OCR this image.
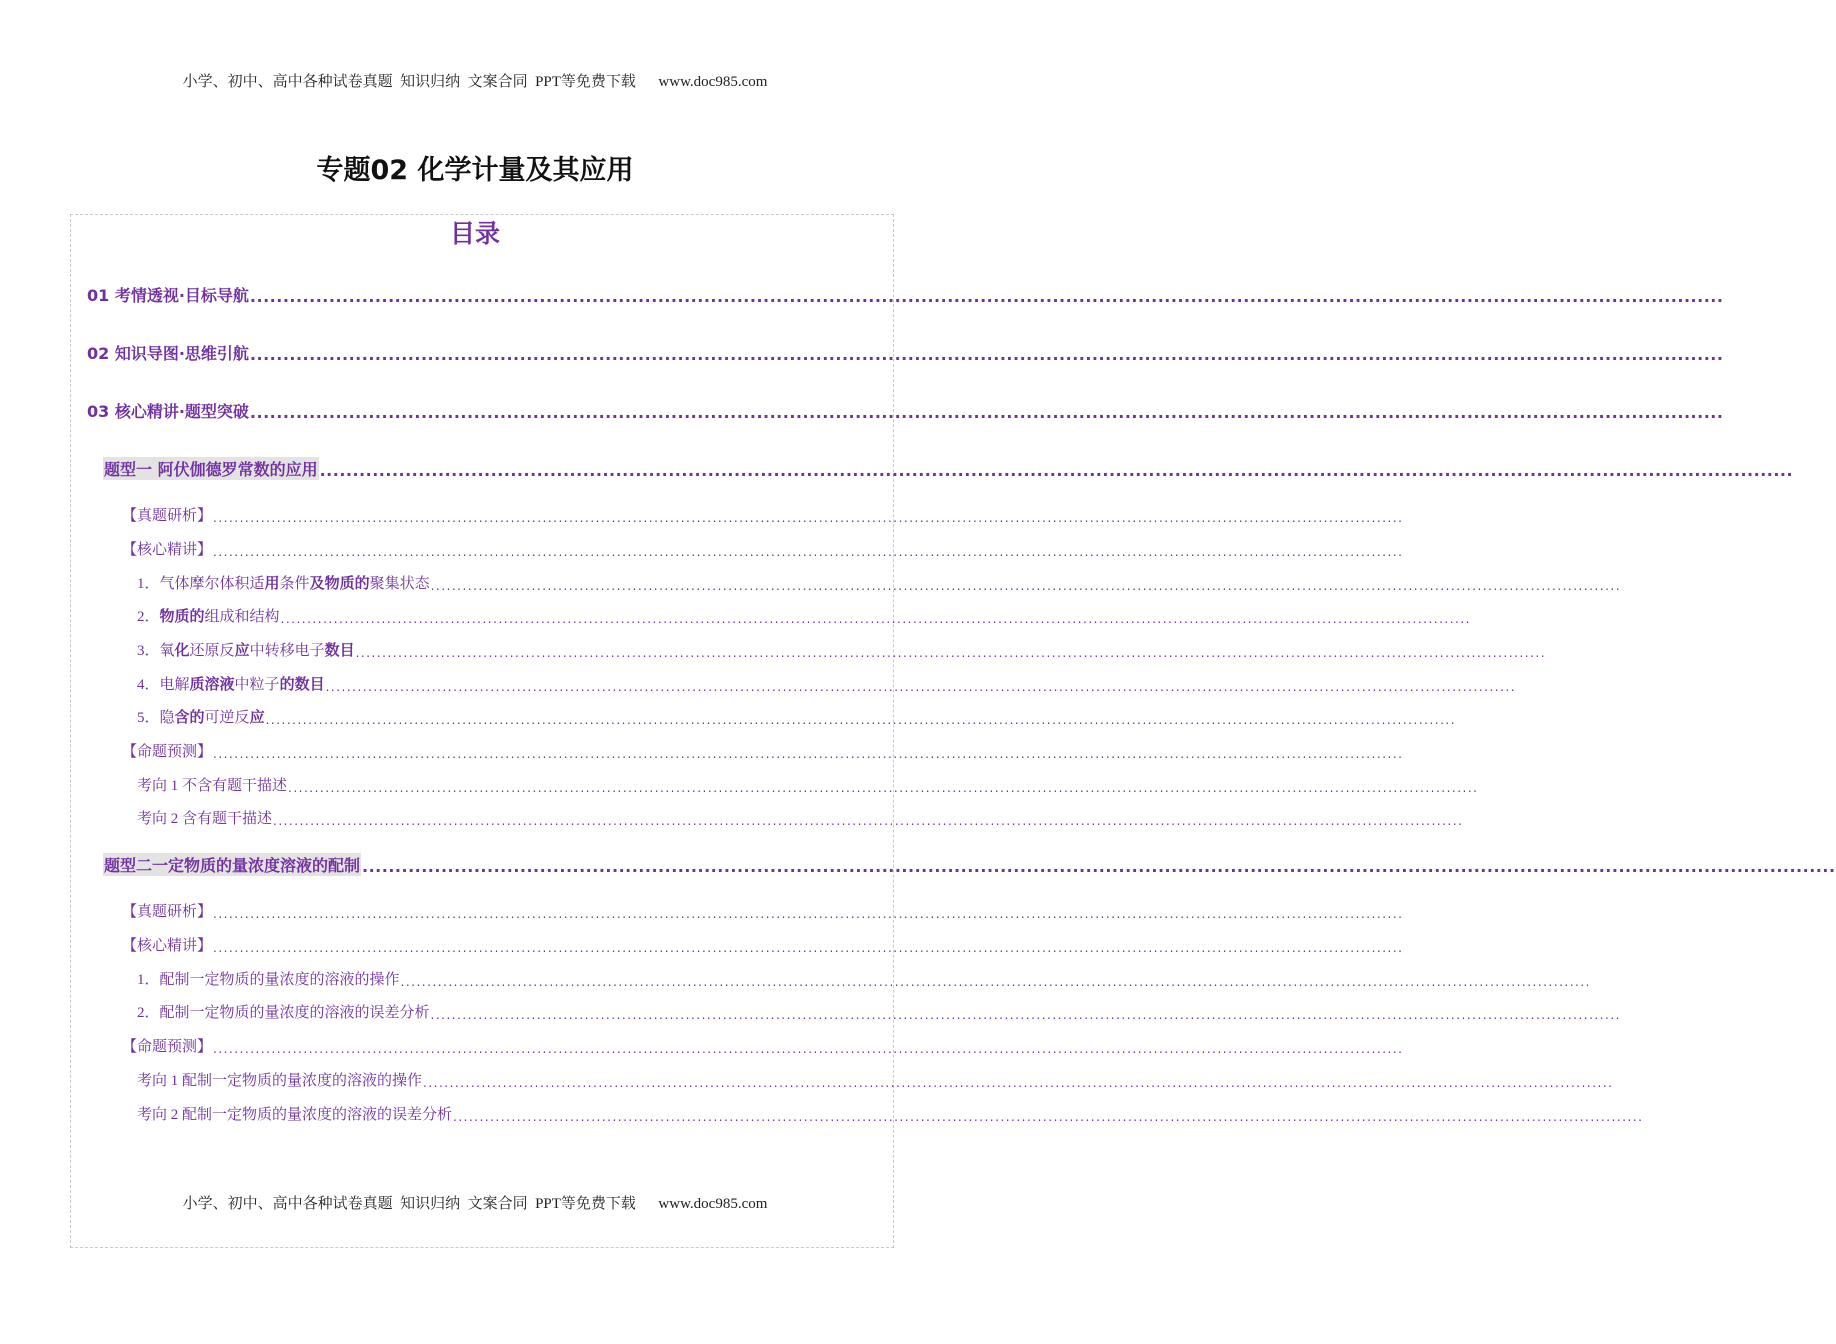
小学、初中、高中各种试卷真题  知识归纳  文案合同  PPT等免费下载      www.doc985.com
专题02 化学计量及其应用
目录
01 考情透视·目标导航 ................................................................................................................................................................................................................................
02 知识导图·思维引航 ................................................................................................................................................................................................................................
03 核心精讲·题型突破 ................................................................................................................................................................................................................................
题型一 阿伏伽德罗常数的应用 ................................................................................................................................................................................................................................
【真题研析】 ................................................................................................................................................................................................................................
【核心精讲】 ................................................................................................................................................................................................................................
1．气体摩尔体积适用条件及物质的聚集状态 ................................................................................................................................................................................................................................
2．物质的组成和结构 ................................................................................................................................................................................................................................
3．氧化还原反应中转移电子数目 ................................................................................................................................................................................................................................
4．电解质溶液中粒子的数目 ................................................................................................................................................................................................................................
5．隐含的可逆反应 ................................................................................................................................................................................................................................
【命题预测】 ................................................................................................................................................................................................................................
考向 1 不含有题干描述 ................................................................................................................................................................................................................................
考向 2 含有题干描述 ................................................................................................................................................................................................................................
题型二一定物质的量浓度溶液的配制 ................................................................................................................................................................................................................................
【真题研析】 ................................................................................................................................................................................................................................
【核心精讲】 ................................................................................................................................................................................................................................
1．配制一定物质的量浓度的溶液的操作 ................................................................................................................................................................................................................................
2．配制一定物质的量浓度的溶液的误差分析 ................................................................................................................................................................................................................................
【命题预测】 ................................................................................................................................................................................................................................
考向 1 配制一定物质的量浓度的溶液的操作 ................................................................................................................................................................................................................................
考向 2 配制一定物质的量浓度的溶液的误差分析 ................................................................................................................................................................................................................................
小学、初中、高中各种试卷真题  知识归纳  文案合同  PPT等免费下载      www.doc985.com
